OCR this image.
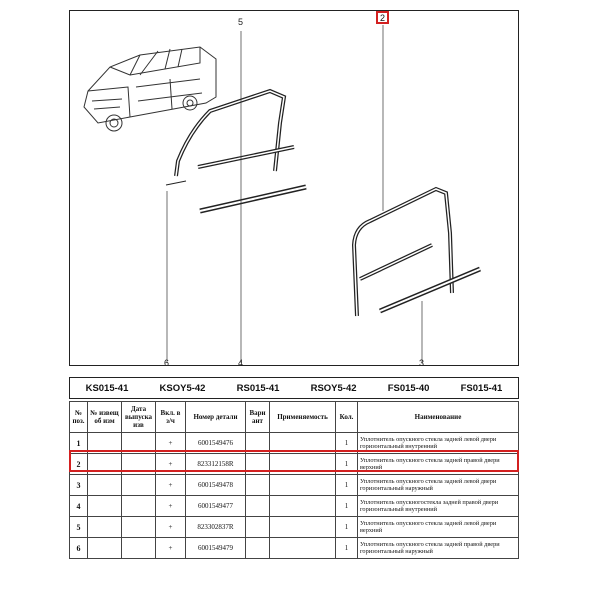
2
5
6	4	3
KS015-41	KSOY5-42	RS015-41	RSOY5-42	FS015-40	FS015-41
№ поз.	№ извещ об изм	Дата выпуска изв	Вкл. в з/ч	Номер детали	Вари ант	Применяемость	Кол.	Наименование
1			+	6001549476			1	Уплотнитель опускного стекла задней левой двери горизонтальный внутренний
2			+	823312158R			1	Уплотнитель опускного стекла задней правой двери верхний
3			+	6001549478			1	Уплотнитель опускного стекла задней левой двери горизонтальный наружный
4			+	6001549477			1	Уплотнитель опускногостекла задней правой двери горизонтальный внутренний
5			+	823302837R			1	Уплотнитель опускного стекла задней левой двери верхний
6			+	6001549479			1	Уплотнитель опускного стекла задней правой двери горизонтальный наружный
